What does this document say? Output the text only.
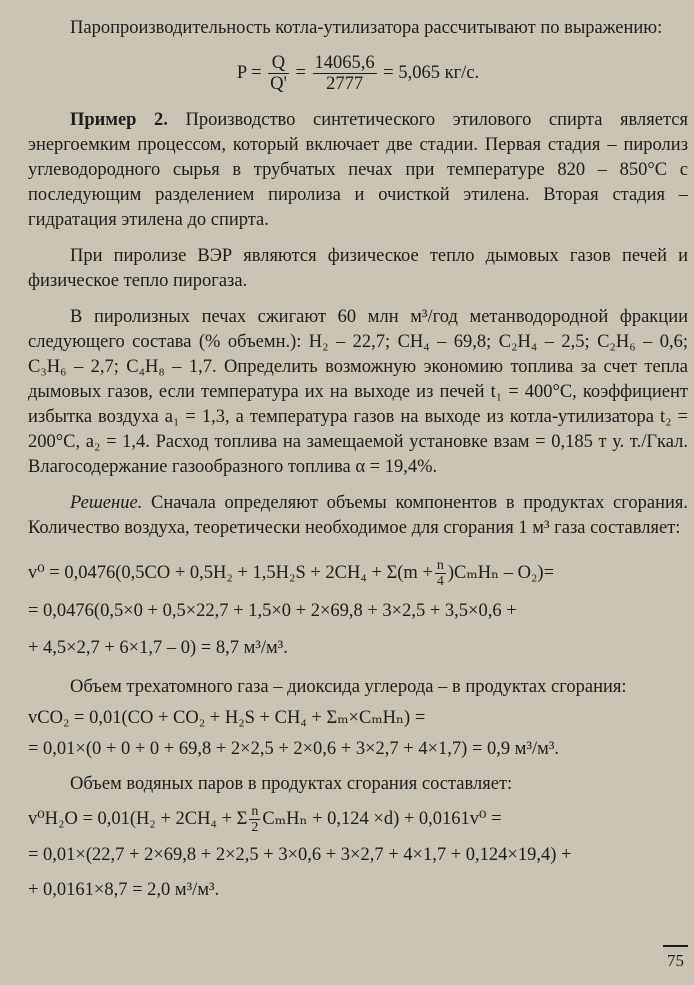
Паропроизводительность котла-утилизатора рассчитывают по выражению:

$P = \frac{Q}{Q'} = \frac{14065,6}{2777} = 5,065$ кг/с.

Пример 2. Производство синтетического этилового спирта является энергоемким процессом, который включает две стадии. Первая стадия – пиролиз углеводородного сырья в трубчатых печах при температуре 820 – 850°С с последующим разделением пиролиза и очисткой этилена. Вторая стадия – гидратация этилена до спирта.

При пиролизе ВЭР являются физическое тепло дымовых газов печей и физическое тепло пирогаза.

В пиролизных печах сжигают 60 млн м³/год метанводородной фракции следующего состава (% объемн.): H₂ – 22,7; CH₄ – 69,8; C₂H₄ – 2,5; C₂H₆ – 0,6; C₃H₆ – 2,7; C₄H₈ – 1,7. Определить возможную экономию топлива за счет тепла дымовых газов, если температура их на выходе из печей t₁ = 400°С, коэффициент избытка воздуха a₁ = 1,3, а температура газов на выходе из котла-утилизатора t₂ = 200°С, a₂ = 1,4. Расход топлива на замещаемой установке взам = 0,185 т у. т./Гкал. Влагосодержание газообразного топлива α = 19,4%.

Решение. Сначала определяют объемы компонентов в продуктах сгорания. Количество воздуха, теоретически необходимое для сгорания 1 м³ газа составляет:

$v^0 = 0,0476(0,5CO + 0,5H_2 + 1,5H_2S + 2CH_4 + \Sigma(m + \frac{n}{4} )C_mH_n - O_2)=$

= 0,0476(0,5×0 + 0,5×22,7 + 1,5×0 + 2×69,8 + 3×2,5 + 3,5×0,6 +

+ 4,5×2,7 + 6×1,7 – 0) = 8,7 м³/м³.

Объем трехатомного газа – диоксида углерода – в продуктах сгорания:

vCO₂ = 0,01(CO + CO₂ + H₂S + CH₄ + Σₘ×CₘHₙ) =

= 0,01×(0 + 0 + 0 + 69,8 + 2×2,5 + 2×0,6 + 3×2,7 + 4×1,7) = 0,9 м³/м³.

Объем водяных паров в продуктах сгорания составляет:

v⁰H₂O = 0,01(H₂ + 2CH₄ + Σ $\frac{n}{2}$ CₘHₙ + 0,124 ×d) + 0,0161v⁰ =

= 0,01×(22,7 + 2×69,8 + 2×2,5 + 3×0,6 + 3×2,7 + 4×1,7 + 0,124×19,4) +

+ 0,0161×8,7 = 2,0 м³/м³.

75
